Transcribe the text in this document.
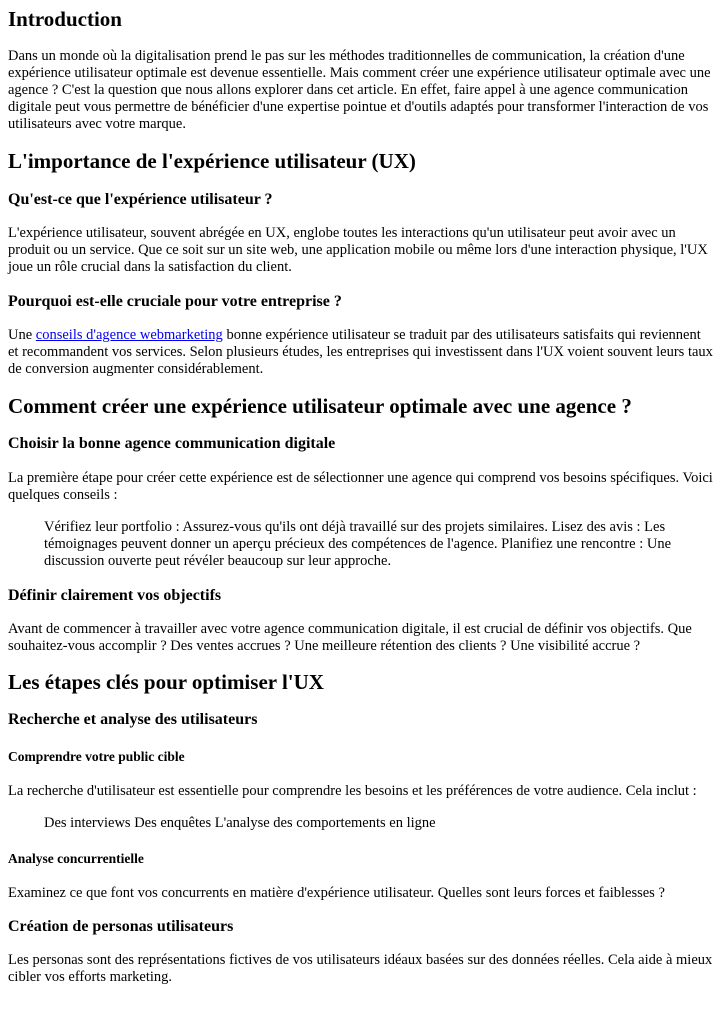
Introduction

Dans un monde où la digitalisation prend le pas sur les méthodes traditionnelles de communication, la création d'une expérience utilisateur optimale est devenue essentielle. Mais comment créer une expérience utilisateur optimale avec une agence ? C'est la question que nous allons explorer dans cet article. En effet, faire appel à une agence communication digitale peut vous permettre de bénéficier d'une expertise pointue et d'outils adaptés pour transformer l'interaction de vos utilisateurs avec votre marque.

L'importance de l'expérience utilisateur (UX)
Qu'est-ce que l'expérience utilisateur ?

L'expérience utilisateur, souvent abrégée en UX, englobe toutes les interactions qu'un utilisateur peut avoir avec un produit ou un service. Que ce soit sur un site web, une application mobile ou même lors d'une interaction physique, l'UX joue un rôle crucial dans la satisfaction du client.

Pourquoi est-elle cruciale pour votre entreprise ?

Une conseils d'agence webmarketing bonne expérience utilisateur se traduit par des utilisateurs satisfaits qui reviennent et recommandent vos services. Selon plusieurs études, les entreprises qui investissent dans l'UX voient souvent leurs taux de conversion augmenter considérablement.

Comment créer une expérience utilisateur optimale avec une agence ?
Choisir la bonne agence communication digitale

La première étape pour créer cette expérience est de sélectionner une agence qui comprend vos besoins spécifiques. Voici quelques conseils :

Vérifiez leur portfolio : Assurez-vous qu'ils ont déjà travaillé sur des projets similaires. Lisez des avis : Les témoignages peuvent donner un aperçu précieux des compétences de l'agence. Planifiez une rencontre : Une discussion ouverte peut révéler beaucoup sur leur approche.
Définir clairement vos objectifs

Avant de commencer à travailler avec votre agence communication digitale, il est crucial de définir vos objectifs. Que souhaitez-vous accomplir ? Des ventes accrues ? Une meilleure rétention des clients ? Une visibilité accrue ?

Les étapes clés pour optimiser l'UX
Recherche et analyse des utilisateurs
Comprendre votre public cible

La recherche d'utilisateur est essentielle pour comprendre les besoins et les préférences de votre audience. Cela inclut :

Des interviews Des enquêtes L'analyse des comportements en ligne
Analyse concurrentielle

Examinez ce que font vos concurrents en matière d'expérience utilisateur. Quelles sont leurs forces et faiblesses ?

Création de personas utilisateurs

Les personas sont des représentations fictives de vos utilisateurs idéaux basées sur des données réelles. Cela aide à mieux cibler vos efforts marketing.
